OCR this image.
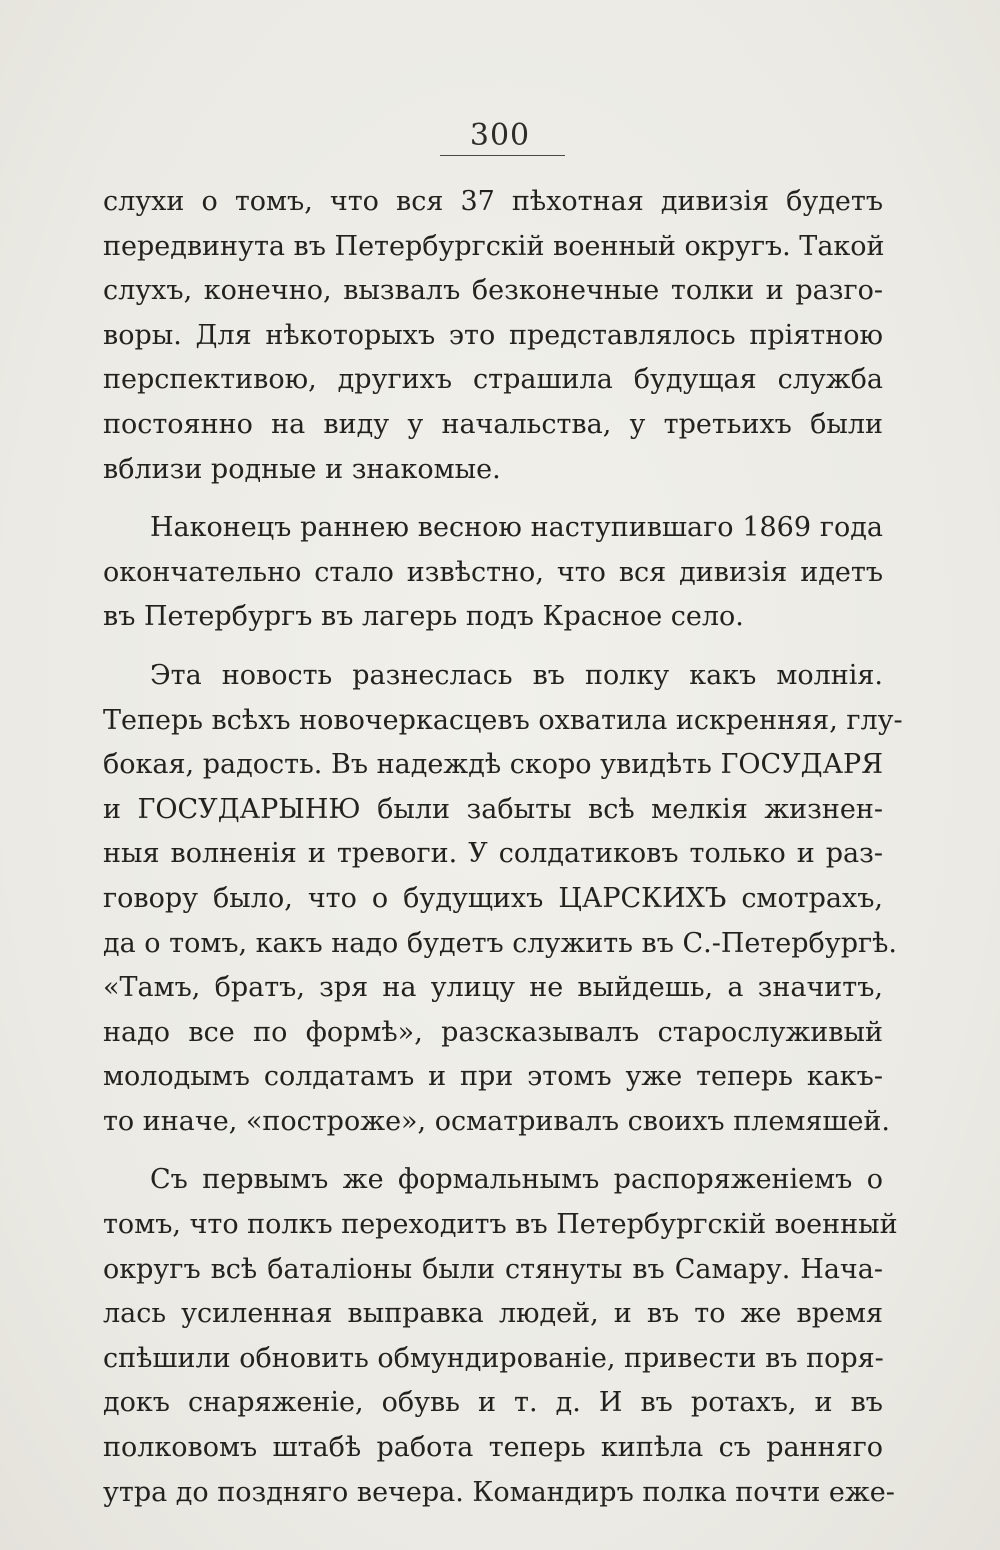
300
слухи о томъ, что вся 37 пѣхотная дивизія будетъ
передвинута въ Петербургскій военный округъ. Такой
слухъ, конечно, вызвалъ безконечные толки и разго-
воры. Для нѣкоторыхъ это представлялось пріятною
перспективою, другихъ страшила будущая служба
постоянно на виду у начальства, у третьихъ были
вблизи родные и знакомые.
Наконецъ раннею весною наступившаго 1869 года
окончательно стало извѣстно, что вся дивизія идетъ
въ Петербургъ въ лагерь подъ Красное село.
Эта новость разнеслась въ полку какъ молнія.
Теперь всѣхъ новочеркасцевъ охватила искренняя, глу-
бокая, радость. Въ надеждѣ скоро увидѣть ГОСУДАРЯ
и ГОСУДАРЫНЮ были забыты всѣ мелкія жизнен-
ныя волненія и тревоги. У солдатиковъ только и раз-
говору было, что о будущихъ ЦАРСКИХЪ смотрахъ,
да о томъ, какъ надо будетъ служить въ С.-Петербургѣ.
«Тамъ, братъ, зря на улицу не выйдешь, а значитъ,
надо все по формѣ», разсказывалъ старослуживый
молодымъ солдатамъ и при этомъ уже теперь какъ-
то иначе, «построже», осматривалъ своихъ племяшей.
Съ первымъ же формальнымъ распоряженіемъ о
томъ, что полкъ переходитъ въ Петербургскій военный
округъ всѣ баталіоны были стянуты въ Самару. Нача-
лась усиленная выправка людей, и въ то же время
спѣшили обновить обмундированіе, привести въ поря-
докъ снаряженіе, обувь и т. д. И въ ротахъ, и въ
полковомъ штабѣ работа теперь кипѣла съ ранняго
утра до поздняго вечера. Командиръ полка почти еже-
